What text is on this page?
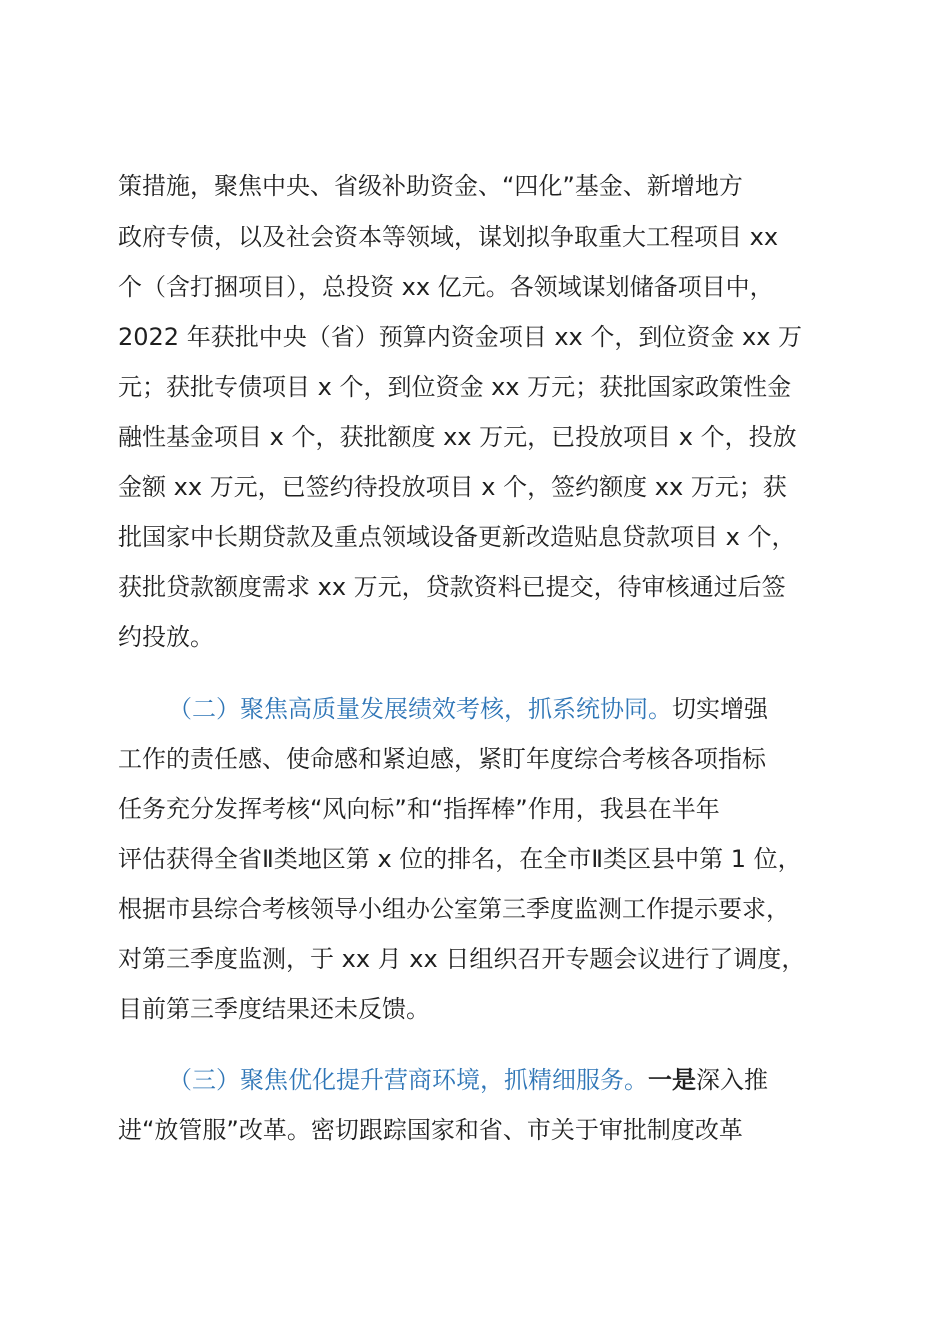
策措施，聚焦中央、省级补助资金、“四化”基金、新增地方
政府专债，以及社会资本等领域，谋划拟争取重大工程项目 xx
个（含打捆项目），总投资 xx 亿元。各领域谋划储备项目中，
2022 年获批中央（省）预算内资金项目 xx 个，到位资金 xx 万
元；获批专债项目 x 个，到位资金 xx 万元；获批国家政策性金
融性基金项目 x 个，获批额度 xx 万元，已投放项目 x 个，投放
金额 xx 万元，已签约待投放项目 x 个，签约额度 xx 万元；获
批国家中长期贷款及重点领域设备更新改造贴息贷款项目 x 个，
获批贷款额度需求 xx 万元，贷款资料已提交，待审核通过后签
约投放。
（二）聚焦高质量发展绩效考核，抓系统协同。切实增强
工作的责任感、使命感和紧迫感，紧盯年度综合考核各项指标
任务充分发挥考核“风向标”和“指挥棒”作用，我县在半年
评估获得全省Ⅱ类地区第 x 位的排名，在全市Ⅱ类区县中第 1 位，
根据市县综合考核领导小组办公室第三季度监测工作提示要求，
对第三季度监测，于 xx 月 xx 日组织召开专题会议进行了调度，
目前第三季度结果还未反馈。
（三）聚焦优化提升营商环境，抓精细服务。一是深入推
进“放管服”改革。密切跟踪国家和省、市关于审批制度改革
